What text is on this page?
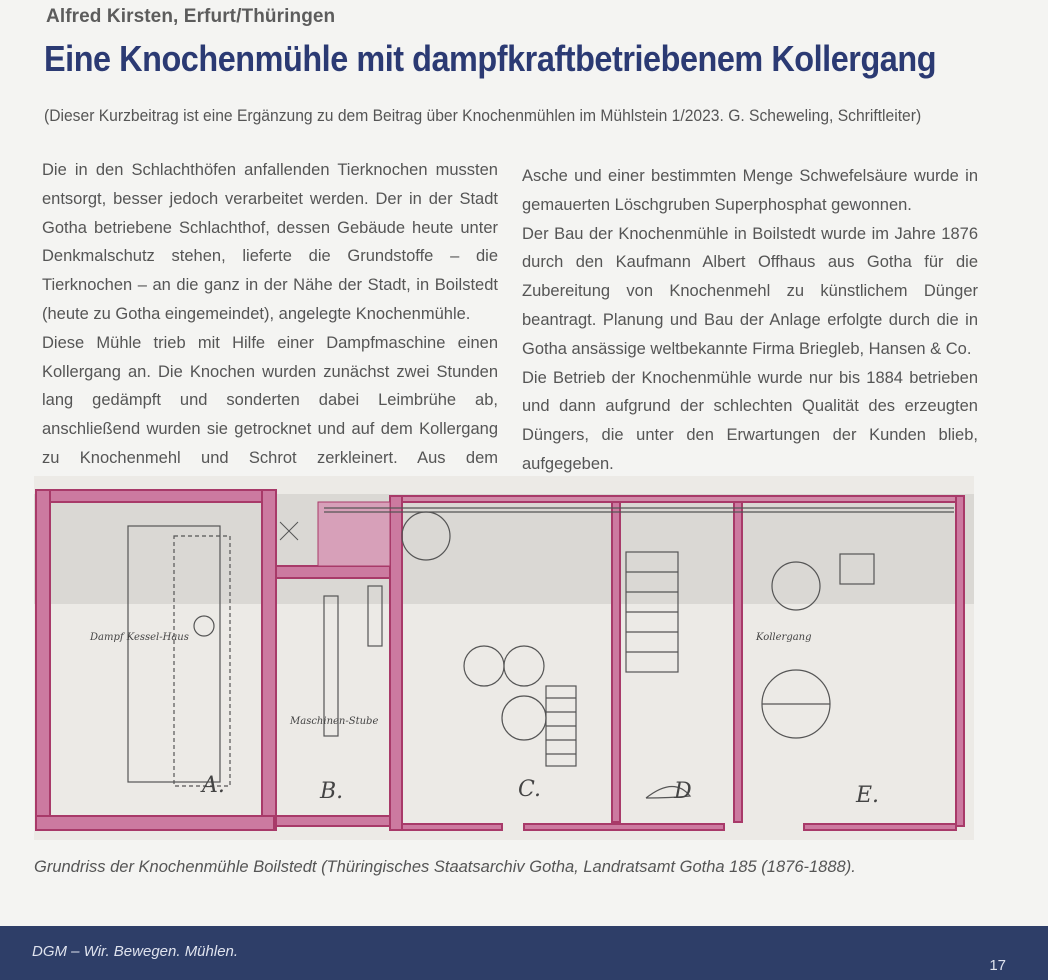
Alfred Kirsten, Erfurt/Thüringen
Eine Knochenmühle mit dampfkraftbetriebenem Kollergang
(Dieser Kurzbeitrag ist eine Ergänzung zu dem Beitrag über Knochenmühlen im Mühlstein 1/2023. G. Scheweling, Schriftleiter)

Die in den Schlachthöfen anfallenden Tierknochen mussten entsorgt, besser jedoch verarbeitet werden. Der in der Stadt Gotha betriebene Schlachthof, dessen Gebäude heute unter Denkmalschutz stehen, lieferte die Grundstoffe – die Tierknochen – an die ganz in der Nähe der Stadt, in Boilstedt (heute zu Gotha eingemeindet), angelegte Knochenmühle.

Diese Mühle trieb mit Hilfe einer Dampfmaschine einen Kollergang an. Die Knochen wurden zunächst zwei Stunden lang gedämpft und sonderten dabei Leimbrühe ab, anschließend wurden sie getrocknet und auf dem Kollergang zu Knochenmehl und Schrot zerkleinert. Aus dem

Asche und einer bestimmten Menge Schwefelsäure wurde in gemauerten Löschgruben Superphosphat gewonnen.

Der Bau der Knochenmühle in Boilstedt wurde im Jahre 1876 durch den Kaufmann Albert Offhaus aus Gotha für die Zubereitung von Knochenmehl zu künstlichem Dünger beantragt. Planung und Bau der Anlage erfolgte durch die in Gotha ansässige weltbekannte Firma Briegleb, Hansen & Co.

Die Betrieb der Knochenmühle wurde nur bis 1884 betrieben und dann aufgrund der schlechten Qualität des erzeugten Düngers, die unter den Erwartungen der Kunden blieb, aufgegeben.

A.	B.	C.	D	E.
Dampf Kessel-Haus
Maschinen-Stube
Kollergang
Grundriss der Knochenmühle Boilstedt (Thüringisches Staatsarchiv Gotha, Landratsamt Gotha 185 (1876-1888).
DGM – Wir. Bewegen. Mühlen.
17
